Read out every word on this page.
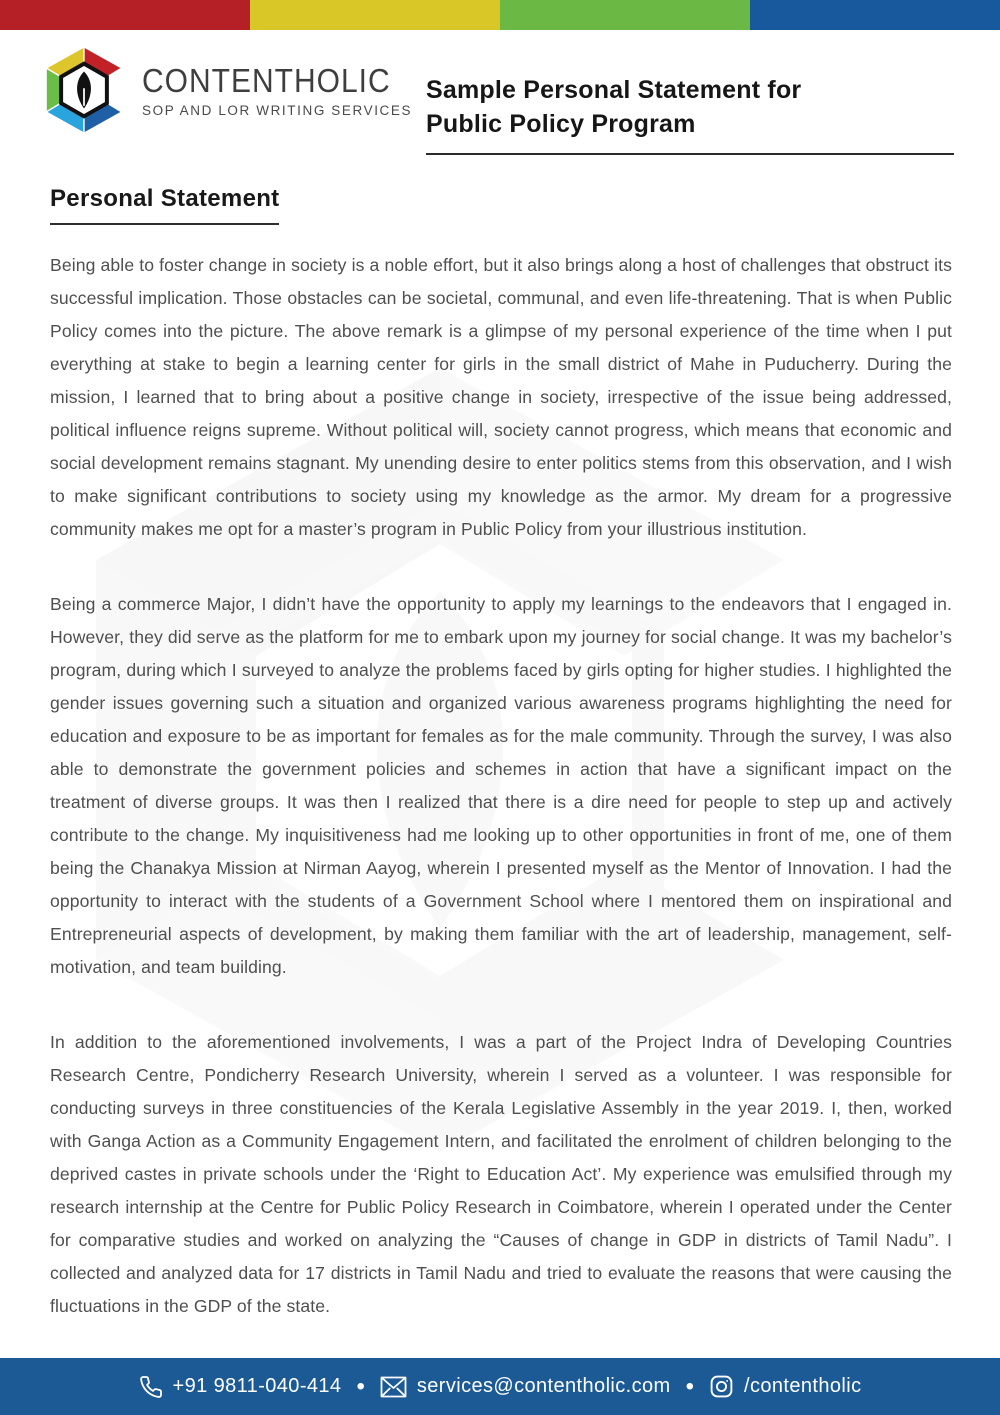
CONTENTHOLIC
SOP AND LOR WRITING SERVICES
Sample Personal Statement for
Public Policy Program
Personal Statement

Being able to foster change in society is a noble effort, but it also brings along a host of challenges that obstruct its successful implication. Those obstacles can be societal, communal, and even life-threatening. That is when Public Policy comes into the picture. The above remark is a glimpse of my personal experience of the time when I put everything at stake to begin a learning center for girls in the small district of Mahe in Puducherry. During the mission, I learned that to bring about a positive change in society, irrespective of the issue being addressed, political influence reigns supreme. Without political will, society cannot progress, which means that economic and social development remains stagnant. My unending desire to enter politics stems from this observation, and I wish to make significant contributions to society using my knowledge as the armor. My dream for a progressive community makes me opt for a master’s program in Public Policy from your illustrious institution.

Being a commerce Major, I didn’t have the opportunity to apply my learnings to the endeavors that I engaged in. However, they did serve as the platform for me to embark upon my journey for social change. It was my bachelor’s program, during which I surveyed to analyze the problems faced by girls opting for higher studies. I highlighted the gender issues governing such a situation and organized various awareness programs highlighting the need for education and exposure to be as important for females as for the male community. Through the survey, I was also able to demonstrate the government policies and schemes in action that have a significant impact on the treatment of diverse groups. It was then I realized that there is a dire need for people to step up and actively contribute to the change. My inquisitiveness had me looking up to other opportunities in front of me, one of them being the Chanakya Mission at Nirman Aayog, wherein I presented myself as the Mentor of Innovation. I had the opportunity to interact with the students of a Government School where I mentored them on inspirational and Entrepreneurial aspects of development, by making them familiar with the art of leadership, management, self-motivation, and team building.

In addition to the aforementioned involvements, I was a part of the Project Indra of Developing Countries Research Centre, Pondicherry Research University, wherein I served as a volunteer. I was responsible for conducting surveys in three constituencies of the Kerala Legislative Assembly in the year 2019. I, then, worked with Ganga Action as a Community Engagement Intern, and facilitated the enrolment of children belonging to the deprived castes in private schools under the ‘Right to Education Act’. My experience was emulsified through my research internship at the Centre for Public Policy Research in Coimbatore, wherein I operated under the Center for comparative studies and worked on analyzing the “Causes of change in GDP in districts of Tamil Nadu”. I collected and analyzed data for 17 districts in Tamil Nadu and tried to evaluate the reasons that were causing the fluctuations in the GDP of the state.

+91 9811-040-414 •	services@contentholic.com •	/contentholic
